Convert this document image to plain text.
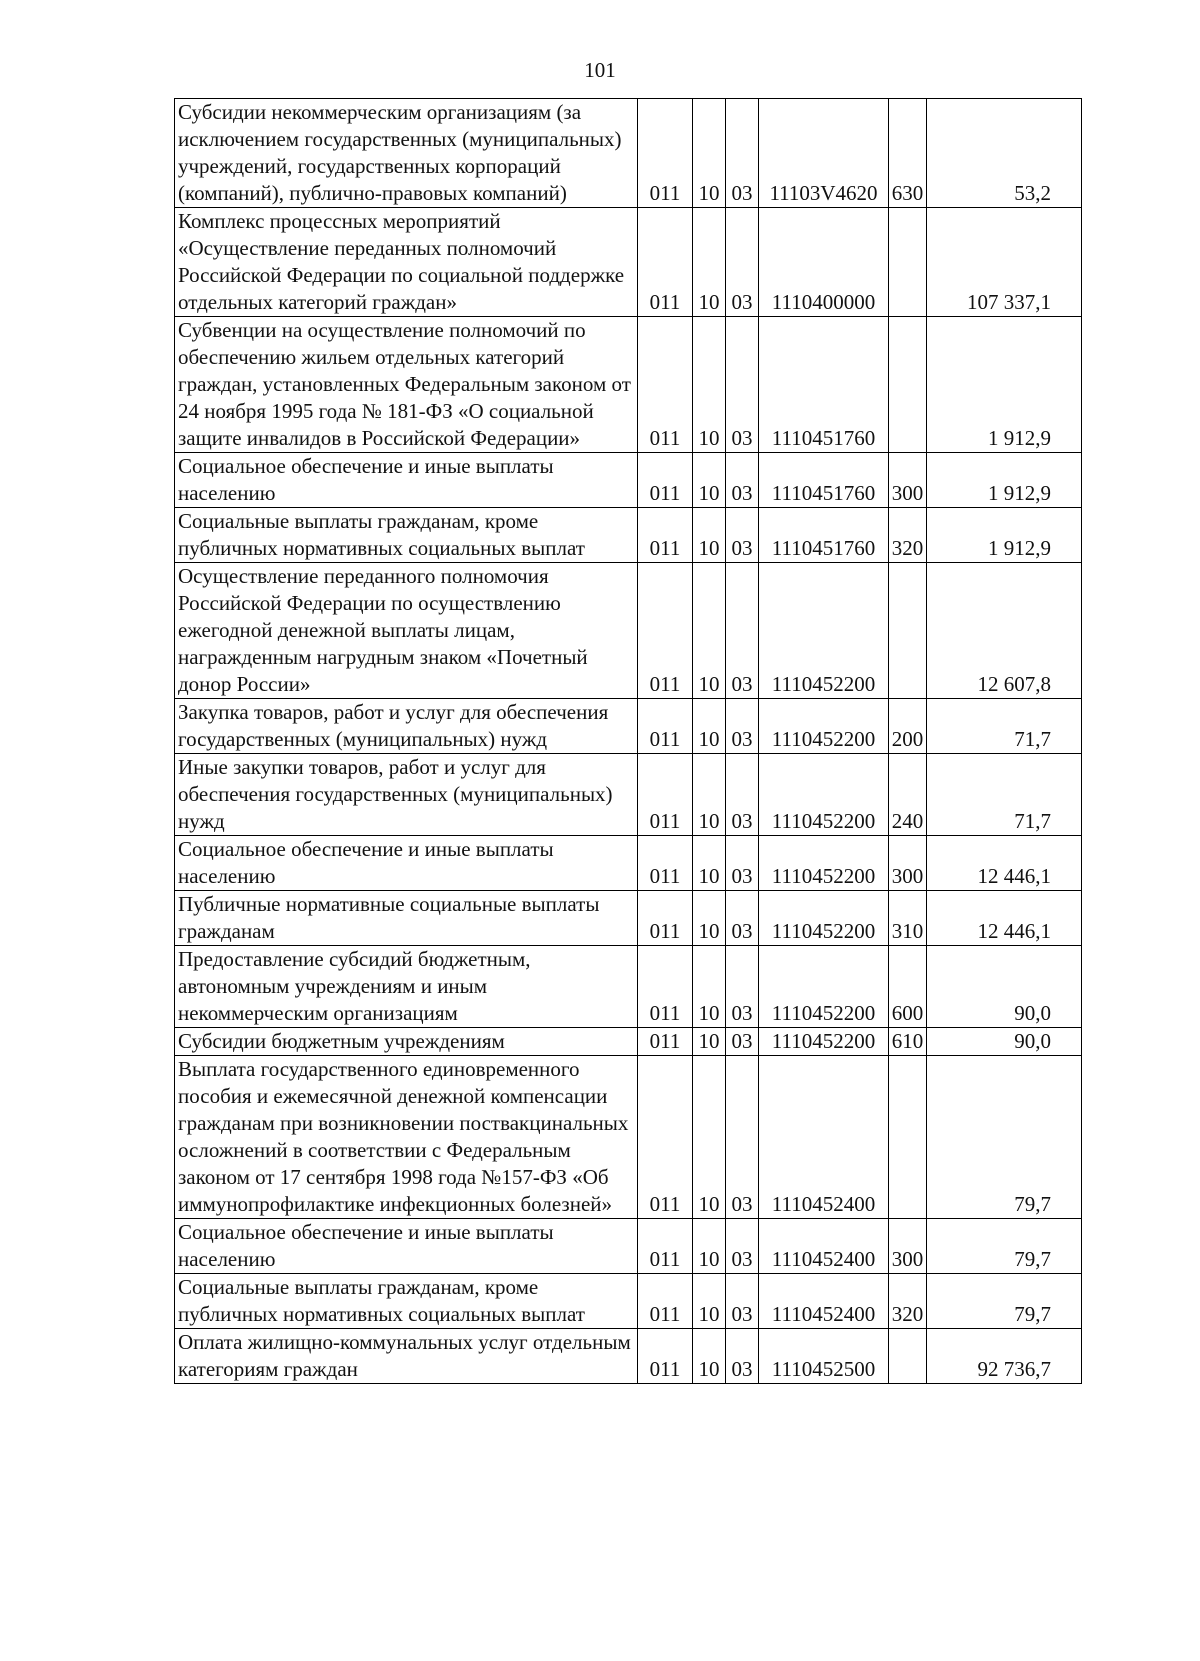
101
Субсидии некоммерческим организациям (за исключением государственных (муниципальных) учреждений, государственных корпораций (компаний), публично-правовых компаний)	011	10	03	11103V4620	630	53,2
Комплекс процессных мероприятий «Осуществление переданных полномочий Российской Федерации по социальной поддержке отдельных категорий граждан»	011	10	03	1110400000		107 337,1
Субвенции на осуществление полномочий по обеспечению жильем отдельных категорий граждан, установленных Федеральным законом от 24 ноября 1995 года № 181-ФЗ «О социальной защите инвалидов в Российской Федерации»	011	10	03	1110451760		1 912,9
Социальное обеспечение и иные выплаты населению	011	10	03	1110451760	300	1 912,9
Социальные выплаты гражданам, кроме публичных нормативных социальных выплат	011	10	03	1110451760	320	1 912,9
Осуществление переданного полномочия Российской Федерации по осуществлению ежегодной денежной выплаты лицам, награжденным нагрудным знаком «Почетный донор России»	011	10	03	1110452200		12 607,8
Закупка товаров, работ и услуг для обеспечения государственных (муниципальных) нужд	011	10	03	1110452200	200	71,7
Иные закупки товаров, работ и услуг для обеспечения государственных (муниципальных) нужд	011	10	03	1110452200	240	71,7
Социальное обеспечение и иные выплаты населению	011	10	03	1110452200	300	12 446,1
Публичные нормативные социальные выплаты гражданам	011	10	03	1110452200	310	12 446,1
Предоставление субсидий бюджетным, автономным учреждениям и иным некоммерческим организациям	011	10	03	1110452200	600	90,0
Субсидии бюджетным учреждениям	011	10	03	1110452200	610	90,0
Выплата государственного единовременного пособия и ежемесячной денежной компенсации гражданам при возникновении поствакцинальных осложнений в соответствии с Федеральным законом от 17 сентября 1998 года №157-ФЗ «Об иммунопрофилактике инфекционных болезней»	011	10	03	1110452400		79,7
Социальное обеспечение и иные выплаты населению	011	10	03	1110452400	300	79,7
Социальные выплаты гражданам, кроме публичных нормативных социальных выплат	011	10	03	1110452400	320	79,7
Оплата жилищно-коммунальных услуг отдельным категориям граждан	011	10	03	1110452500		92 736,7
